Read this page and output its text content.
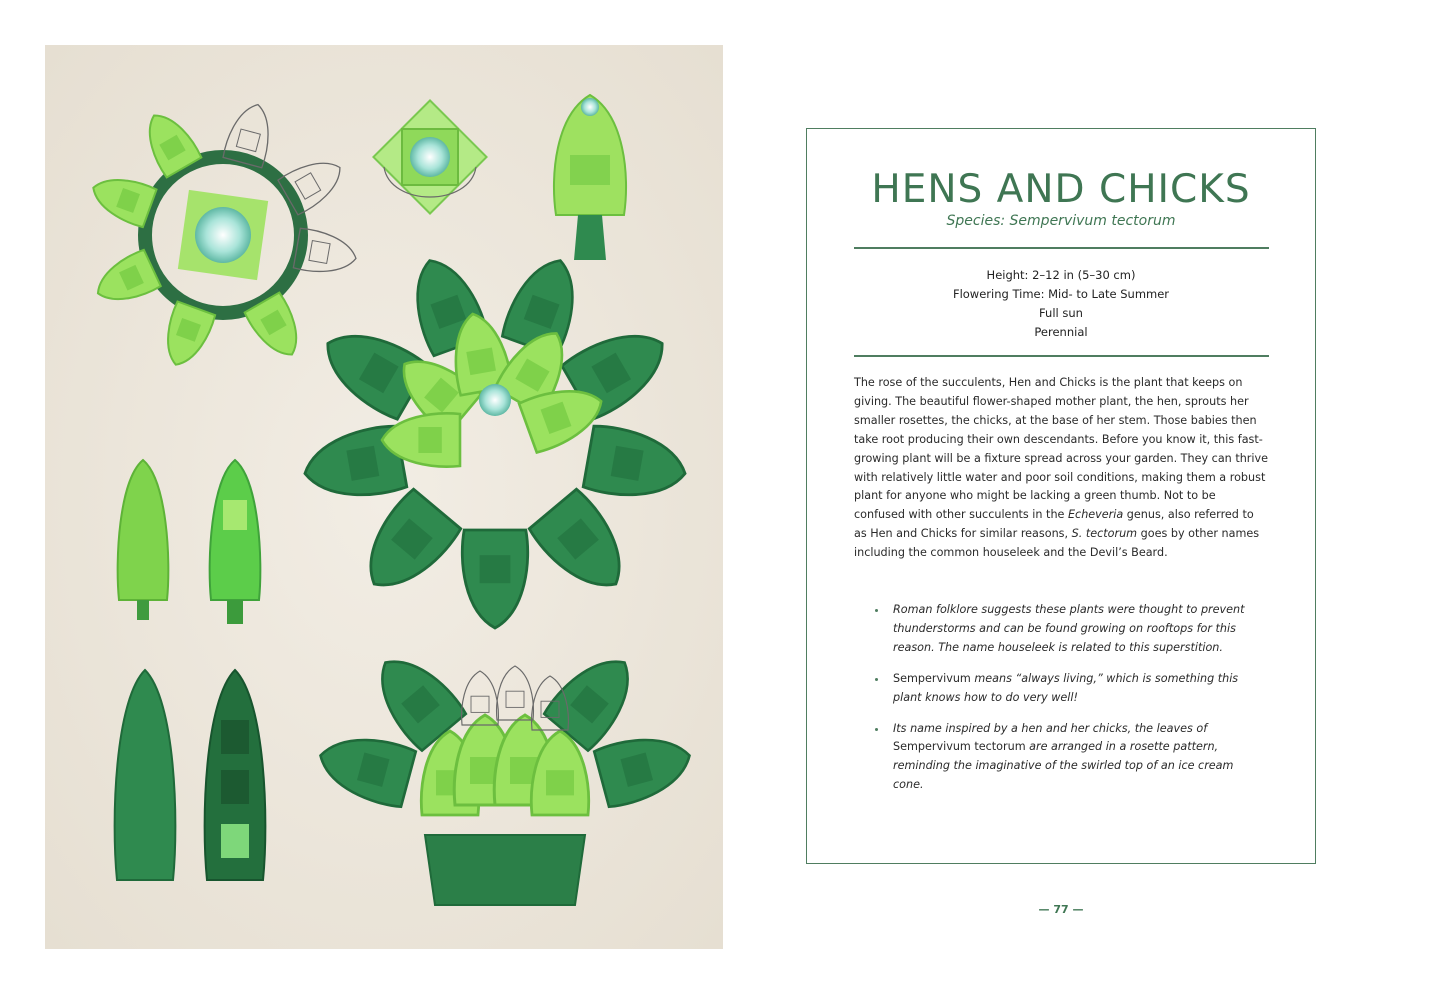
HENS AND CHICKS
Species: Sempervivum tectorum
Height: 2–12 in (5–30 cm)
Flowering Time: Mid- to Late Summer
Full sun
Perennial

The rose of the succulents, Hen and Chicks is the plant that keeps on giving. The beautiful flower-shaped mother plant, the hen, sprouts her smaller rosettes, the chicks, at the base of her stem. Those babies then take root producing their own descendants. Before you know it, this fast-growing plant will be a fixture spread across your garden. They can thrive with relatively little water and poor soil conditions, making them a robust plant for anyone who might be lacking a green thumb. Not to be confused with other succulents in the Echeveria genus, also referred to as Hen and Chicks for similar reasons, S. tectorum goes by other names including the common houseleek and the Devil’s Beard.

Roman folklore suggests these plants were thought to prevent thunderstorms and can be found growing on rooftops for this reason. The name houseleek is related to this superstition.
Sempervivum means “always living,” which is something this plant knows how to do very well!
Its name inspired by a hen and her chicks, the leaves of Sempervivum tectorum are arranged in a rosette pattern, reminding the imaginative of the swirled top of an ice cream cone.
— 77 —
